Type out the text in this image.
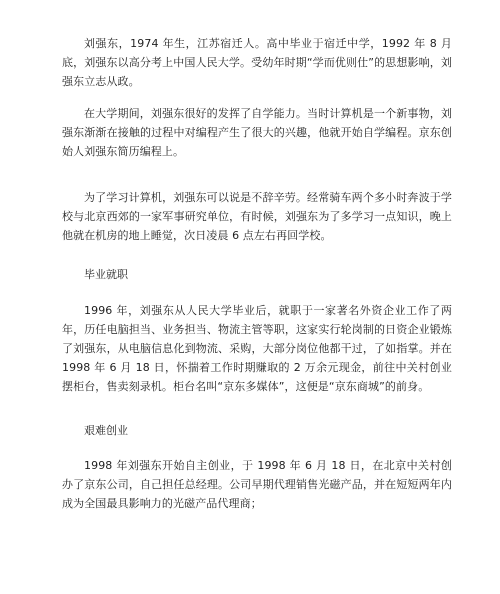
刘强东，1974 年生，江苏宿迁人。高中毕业于宿迁中学，1992 年 8 月底，刘强东以高分考上中国人民大学。受幼年时期“学而优则仕”的思想影响，刘强东立志从政。

在大学期间，刘强东很好的发挥了自学能力。当时计算机是一个新事物，刘强东渐渐在接触的过程中对编程产生了很大的兴趣，他就开始自学编程。京东创始人刘强东简历编程上。

为了学习计算机，刘强东可以说是不辞辛劳。经常骑车两个多小时奔波于学校与北京西郊的一家军事研究单位，有时候，刘强东为了多学习一点知识，晚上他就在机房的地上睡觉，次日凌晨 6 点左右再回学校。

毕业就职

1996 年，刘强东从人民大学毕业后，就职于一家著名外资企业工作了两年，历任电脑担当、业务担当、物流主管等职，这家实行轮岗制的日资企业锻炼了刘强东，从电脑信息化到物流、采购，大部分岗位他都干过，了如指掌。并在　1998 年 6 月 18 日，怀揣着工作时期赚取的 2 万余元现金，前往中关村创业摆柜台，售卖刻录机。柜台名叫“京东多媒体”，这便是“京东商城”的前身。

艰难创业

1998 年刘强东开始自主创业，于 1998 年 6 月 18 日，在北京中关村创办了京东公司，自己担任总经理。公司早期代理销售光磁产品，并在短短两年内成为全国最具影响力的光磁产品代理商；
